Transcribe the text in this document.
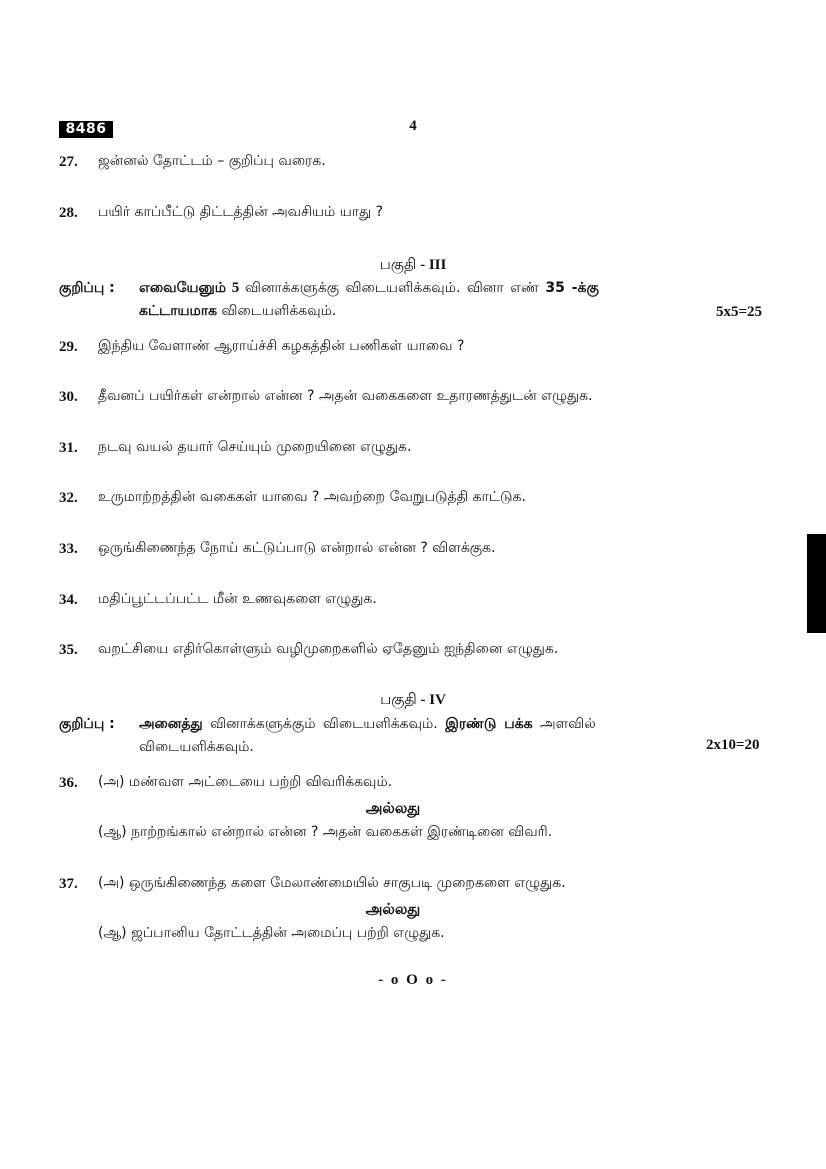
8486	4
27. ஜன்னல் தோட்டம் – குறிப்பு வரைக.
28. பயிர் காப்பீட்டு திட்டத்தின் அவசியம் யாது ?
பகுதி - III
குறிப்பு : எவையேனும் 5 வினாக்களுக்கு விடையளிக்கவும். வினா எண் 35 -க்கு
கட்டாயமாக விடையளிக்கவும்.	5x5=25
29. இந்திய வேளாண் ஆராய்ச்சி கழகத்தின் பணிகள் யாவை ?
30. தீவனப் பயிர்கள் என்றால் என்ன ? அதன் வகைகளை உதாரணத்துடன் எழுதுக.
31. நடவு வயல் தயார் செய்யும் முறையினை எழுதுக.
32. உருமாற்றத்தின் வகைகள் யாவை ? அவற்றை வேறுபடுத்தி காட்டுக.
33. ஒருங்கிணைந்த நோய் கட்டுப்பாடு என்றால் என்ன ? விளக்குக.
34. மதிப்பூட்டப்பட்ட மீன் உணவுகளை எழுதுக.
35. வறட்சியை எதிர்கொள்ளும் வழிமுறைகளில் ஏதேனும் ஐந்தினை எழுதுக.
பகுதி - IV
குறிப்பு : அனைத்து வினாக்களுக்கும் விடையளிக்கவும். இரண்டு பக்க அளவில்
விடையளிக்கவும்.	2x10=20
36. (அ) மண்வள அட்டையை பற்றி விவரிக்கவும்.
அல்லது
(ஆ) நாற்றங்கால் என்றால் என்ன ? அதன் வகைகள் இரண்டினை விவரி.
37. (அ) ஒருங்கிணைந்த களை மேலாண்மையில் சாகுபடி முறைகளை எழுதுக.
அல்லது
(ஆ) ஜப்பானிய தோட்டத்தின் அமைப்பு பற்றி எழுதுக.
- o O o -
